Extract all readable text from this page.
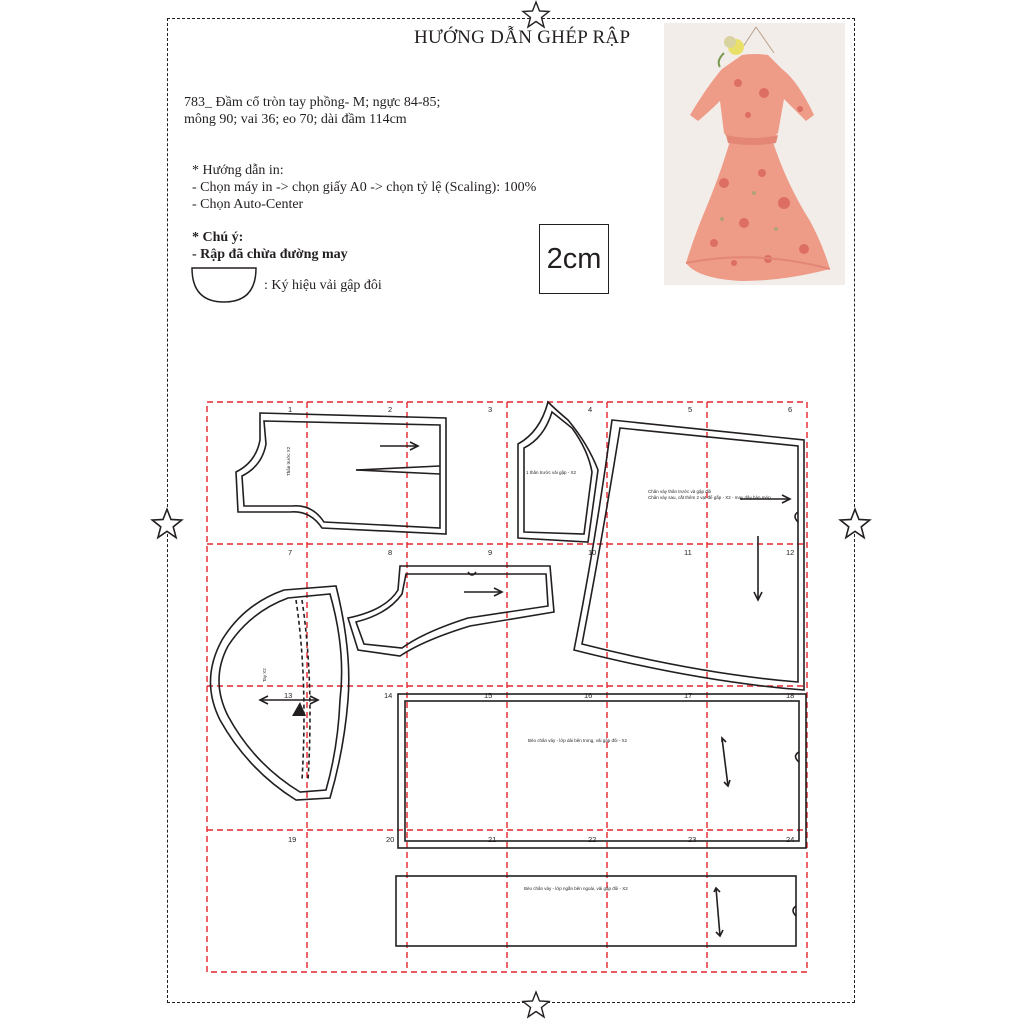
HƯỚNG DẪN GHÉP RẬP
783_ Đầm cổ tròn tay phồng- M; ngực 84-85;
mông 90; vai 36; eo 70; dài đầm 114cm
* Hướng dẫn in:
- Chọn máy in -> chọn giấy A0 -> chọn tỷ lệ (Scaling): 100%
- Chọn Auto-Center
* Chú ý:
- Rập đã chừa đường may
: Ký hiệu vải gập đôi
2cm
1	2	3	4	5	6
7	8	9	10	11	12
13	14	15	16	17	18
19	20	21	22	23	24
Chân váy thân trước và gập đôi
Chân váy sau, cắt thêm 2 vạt để gấp - X2 - may dây bàn mép
1 thân trước vải gập - X2
Bèo chân váy - lớp dài bên trong, vải gập đôi - X2
Bèo chân váy - lớp ngắn bên ngoài, vải gập đôi - X2
Thân trước X2
Tay X2
